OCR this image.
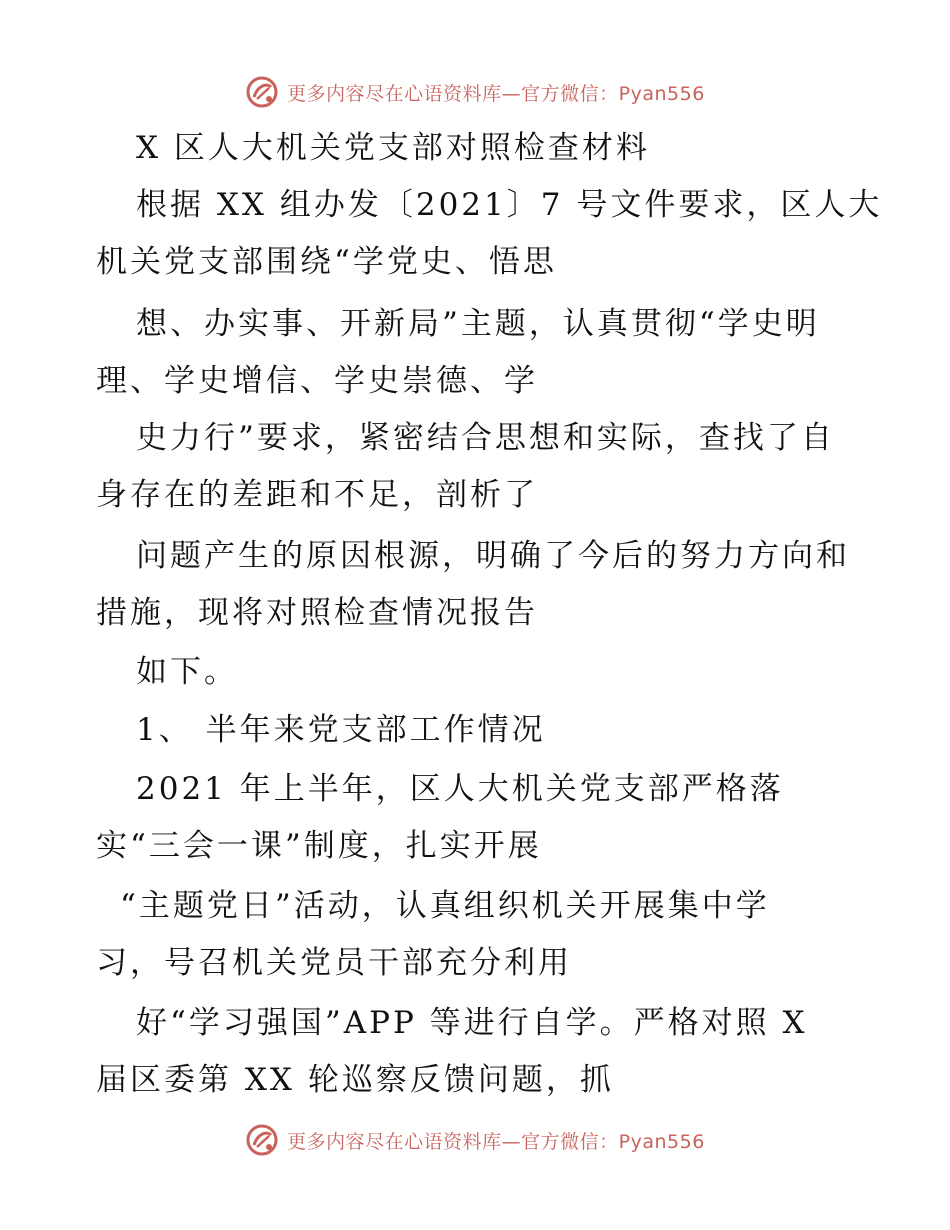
更多内容尽在心语资料库—官方微信：Pyan556
X 区人大机关党支部对照检查材料
根据 XX 组办发〔2021〕7 号文件要求，区人大
机关党支部围绕“学党史、悟思
想、办实事、开新局”主题，认真贯彻“学史明
理、学史增信、学史崇德、学
史力行”要求，紧密结合思想和实际，查找了自
身存在的差距和不足，剖析了
问题产生的原因根源，明确了今后的努力方向和
措施，现将对照检查情况报告
如下。
1、 半年来党支部工作情况
2021 年上半年，区人大机关党支部严格落
实“三会一课”制度，扎实开展
“主题党日”活动，认真组织机关开展集中学
习，号召机关党员干部充分利用
好“学习强国”APP 等进行自学。严格对照 X
届区委第 XX 轮巡察反馈问题，抓
更多内容尽在心语资料库—官方微信：Pyan556
